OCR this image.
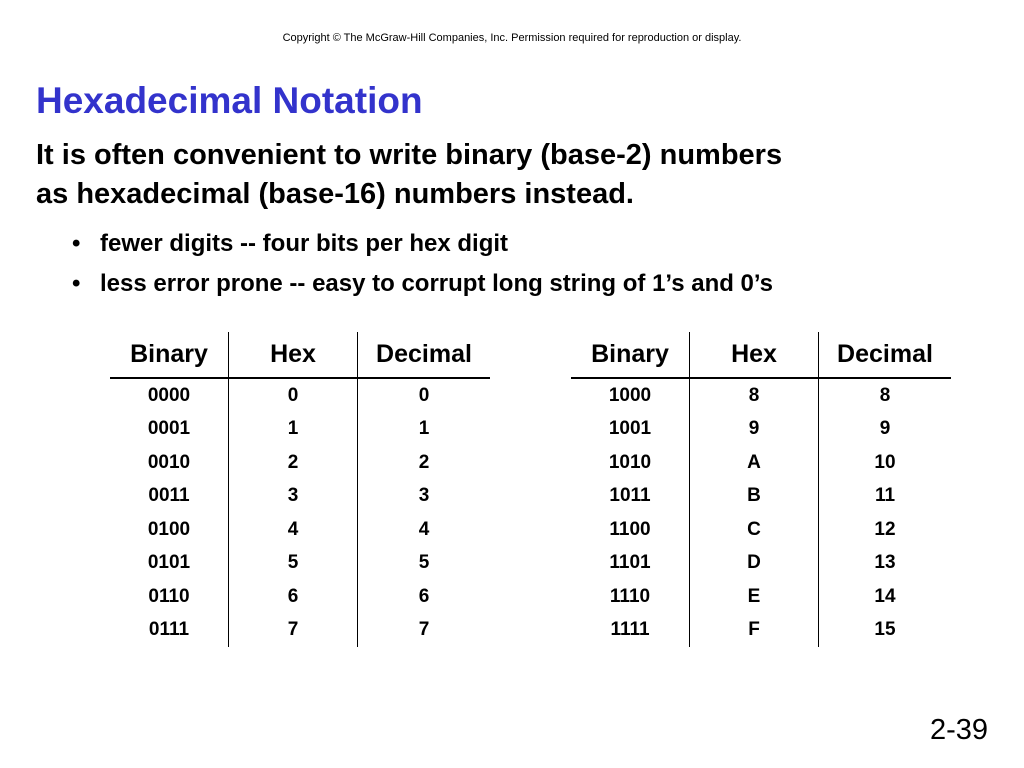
Copyright © The McGraw-Hill Companies, Inc. Permission required for reproduction or display.
Hexadecimal Notation

It is often convenient to write binary (base-2) numbers
as hexadecimal (base-16) numbers instead.

• fewer digits -- four bits per hex digit
• less error prone -- easy to corrupt long string of 1’s and 0’s
Binary	Hex	Decimal
0000	0	0
0001	1	1
0010	2	2
0011	3	3
0100	4	4
0101	5	5
0110	6	6
0111	7	7
Binary	Hex	Decimal
1000	8	8
1001	9	9
1010	A	10
1011	B	11
1100	C	12
1101	D	13
1110	E	14
1111	F	15
2-39
